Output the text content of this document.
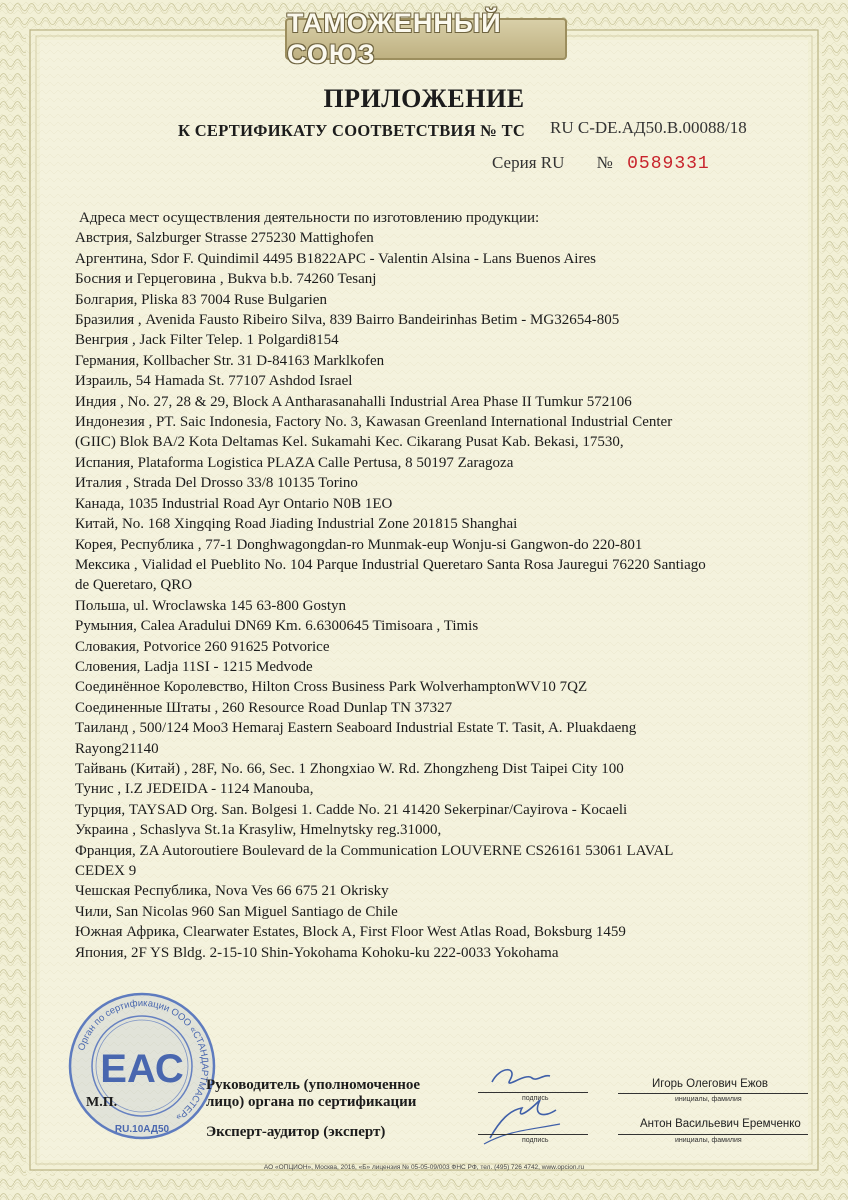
ТАМОЖЕННЫЙ СОЮЗ
ПРИЛОЖЕНИЕ
К СЕРТИФИКАТУ СООТВЕТСТВИЯ № ТС RU C-DE.АД50.B.00088/18
Серия RU № 0589331
Адреса мест осуществления деятельности по изготовлению продукции:
Австрия, Salzburger Strasse 275230 Mattighofen
Аргентина, Sdor F. Quindimil 4495 B1822APC - Valentin Alsina - Lans Buenos Aires
Босния и Герцеговина , Bukva b.b. 74260 Tesanj
Болгария, Pliska 83 7004 Ruse Bulgarien
Бразилия , Avenida Fausto Ribeiro Silva, 839 Bairro Bandeirinhas Betim - MG32654-805
Венгрия , Jack Filter Telep. 1 Polgardi8154
Германия, Kollbacher Str. 31 D-84163 Marklkofen
Израиль, 54 Hamada St. 77107 Ashdod Israel
Индия , No. 27, 28 & 29, Block A Antharasanahalli Industrial Area Phase II Tumkur 572106
Индонезия , PT. Saic Indonesia, Factory No. 3, Kawasan Greenland International Industrial Center
(GIIC) Blok BA/2 Kota Deltamas Kel. Sukamahi Kec. Cikarang Pusat Kab. Bekasi, 17530,
Испания, Plataforma Logistica PLAZA Calle Pertusa, 8 50197 Zaragoza
Италия , Strada Del Drosso 33/8 10135 Torino
Канада, 1035 Industrial Road Ayr Ontario N0B 1EO
Китай, No. 168 Xingqing Road Jiading Industrial Zone 201815 Shanghai
Корея, Республика , 77-1 Donghwagongdan-ro Munmak-eup Wonju-si Gangwon-do 220-801
Мексика , Vialidad el Pueblito No. 104 Parque Industrial Queretaro Santa Rosa Jauregui 76220 Santiago
de Queretaro, QRO
Польша, ul. Wroclawska 145 63-800 Gostyn
Румыния, Calea Aradului DN69 Km. 6.6300645 Timisoara , Timis
Словакия, Potvorice 260 91625 Potvorice
Словения, Ladja 11SI - 1215 Medvode
Соединённое Королевство, Hilton Cross Business Park WolverhamptonWV10 7QZ
Соединенные Штаты , 260 Resource Road Dunlap TN 37327
Таиланд , 500/124 Moo3 Hemaraj Eastern Seaboard Industrial Estate T. Tasit, A. Pluakdaeng
Rayong21140
Тайвань (Китай) , 28F, No. 66, Sec. 1 Zhongxiao W. Rd. Zhongzheng Dist Taipei City 100
Тунис , I.Z JEDEIDA - 1124 Manouba,
Турция, TAYSAD Org. San. Bolgesi 1. Cadde No. 21 41420 Sekerpinar/Cayirova - Kocaeli
Украина , Schaslyva St.1a Krasyliw, Hmelnytsky reg.31000,
Франция, ZA Autoroutiere Boulevard de la Communication LOUVERNE CS26161 53061 LAVAL
CEDEX 9
Чешская Республика, Nova Ves 66 675 21 Okrisky
Чили, San Nicolas 960 San Miguel Santiago de Chile
Южная Африка, Clearwater Estates, Block A, First Floor West Atlas Road, Boksburg 1459
Япония, 2F YS Bldg. 2-15-10 Shin-Yokohama Kohoku-ku 222-0033 Yokohama
Орган по сертификации ООО «СТАНДАРТМАСТЕР»
ЕАС
RU.10АД50
М.П.
Руководитель (уполномоченное
лицо) органа по сертификации
Эксперт-аудитор (эксперт)
подпись
Игорь Олегович Ежов
инициалы, фамилия
подпись
Антон Васильевич Еремченко
инициалы, фамилия
АО «ОПЦИОН», Москва, 2016, «Б» лицензия № 05-05-09/003 ФНС РФ, тел. (495) 726 4742, www.opcion.ru
